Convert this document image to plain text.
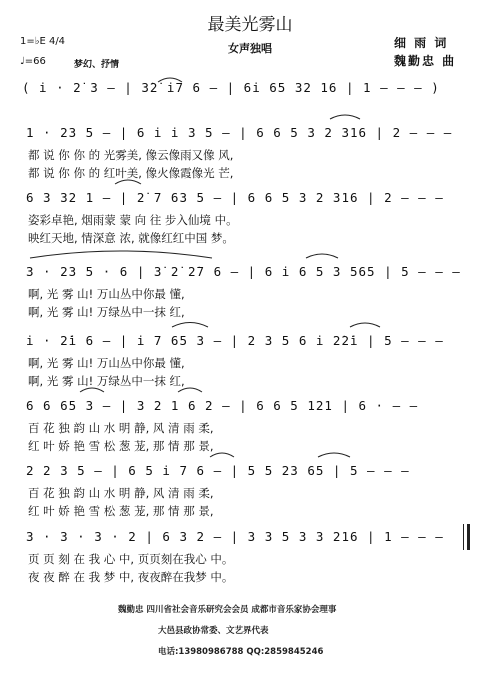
最美光雾山
女声独唱	细 雨 词
魏勤忠 曲
1=♭E 4/4
♩=66	梦幻、抒情
( i · 2̇ 3 – | 3̇2̇ i7 6 – | 6i 65 32 16 | 1 – – – )
1 · 23 5 – | 6 i i 3 5 – | 6 6 5 3 2 316 | 2 – – –
都 说 你 你 的 光雾美, 像云像雨又像 风,
都 说 你 你 的 红叶美, 像火像霞像光 芒,
6 3 32 1 – | 2̇ 7 63 5 – | 6 6 5 3 2 316 | 2 – – –
姿彩卓艳, 烟雨蒙 蒙 向 往 步入仙境 中。
映红天地, 情深意 浓, 就像红红中国 梦。
3 · 23 5 · 6 | 3̇ 2̇ 2̇7 6 – | 6 i 6 5 3 565 | 5 – – –
啊, 光 雾 山! 万山丛中你最 懂,
啊, 光 雾 山! 万绿丛中一抹 红,
i · 2̇i 6 – | i 7 65 3 – | 2 3 5 6 i 2̇2̇i | 5 – – –
啊, 光 雾 山! 万山丛中你最 懂,
啊, 光 雾 山! 万绿丛中一抹 红,
6 6 65 3 – | 3 2 1 6 2 – | 6 6 5 121 | 6 · – –
百 花 独 韵 山 水 明 静, 风 清 雨 柔,
红 叶 娇 艳 雪 松 葱 茏, 那 情 那 景,
2 2 3 5 – | 6 5 i 7 6 – | 5 5 23 65 | 5 – – –
百 花 独 韵 山 水 明 静, 风 清 雨 柔,
红 叶 娇 艳 雪 松 葱 茏, 那 情 那 景,
3 · 3 · 3 · 2 | 6 3 2 – | 3 3 5 3 3 216 | 1 – – –
页 页 刻 在 我 心 中, 页页刻在我心 中。
夜 夜 醉 在 我 梦 中, 夜夜醉在我梦 中。
魏勤忠 四川省社会音乐研究会会员 成都市音乐家协会理事
大邑县政协常委、文艺界代表
电话:13980986788 QQ:2859845246
